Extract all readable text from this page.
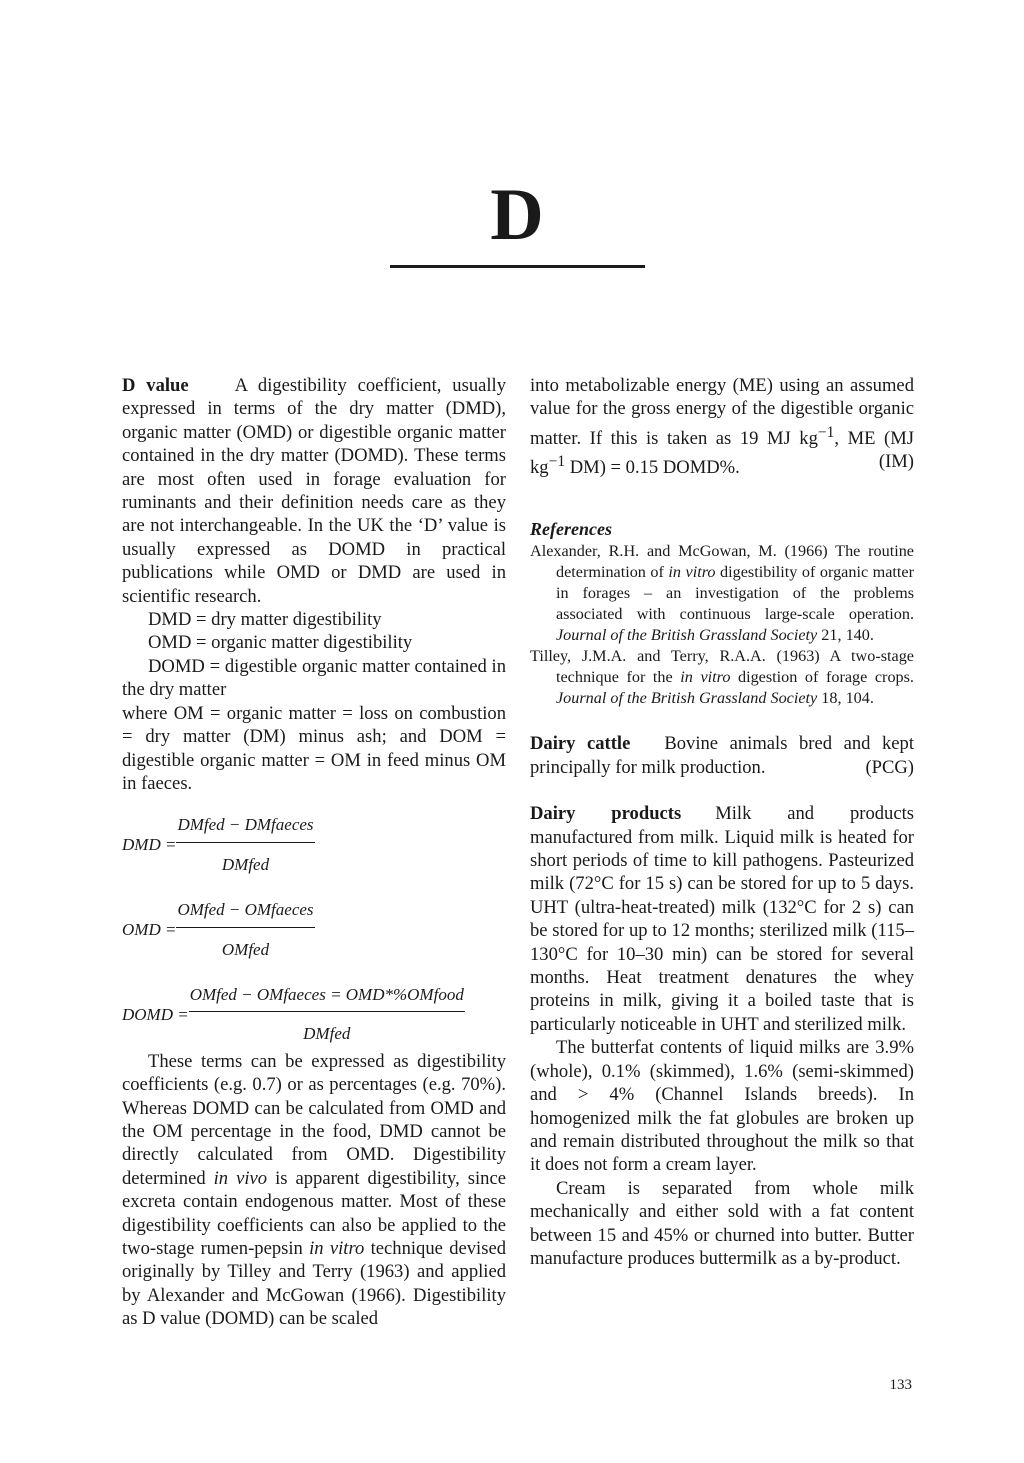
D

D value A digestibility coefficient, usually expressed in terms of the dry matter (DMD), organic matter (OMD) or digestible organic matter contained in the dry matter (DOMD). These terms are most often used in forage evaluation for ruminants and their definition needs care as they are not interchangeable. In the UK the ‘D’ value is usually expressed as DOMD in practical publications while OMD or DMD are used in scientific research.

DMD = dry matter digestibility

OMD = organic matter digestibility

DOMD = digestible organic matter contained in the dry matter

where OM = organic matter = loss on combustion = dry matter (DM) minus ash; and DOM = digestible organic matter = OM in feed minus OM in faeces.

DMD = $\frac{\text{DMfed − DMfaeces}}{\text{DMfed}}$
OMD = $\frac{\text{OMfed − OMfaeces}}{\text{OMfed}}$
DOMD = $\frac{\text{OMfed − OMfaeces = OMD*\%OMfood}}{\text{DMfed}}$

These terms can be expressed as digestibility coefficients (e.g. 0.7) or as percentages (e.g. 70%). Whereas DOMD can be calculated from OMD and the OM percentage in the food, DMD cannot be directly calculated from OMD. Digestibility determined in vivo is apparent digestibility, since excreta contain endogenous matter. Most of these digestibility coefficients can also be applied to the two-stage rumen-pepsin in vitro technique devised originally by Tilley and Terry (1963) and applied by Alexander and McGowan (1966). Digestibility as D value (DOMD) can be scaled

into metabolizable energy (ME) using an assumed value for the gross energy of the digestible organic matter. If this is taken as 19 MJ $kg^{-1}$, ME (MJ $kg^{-1}$ DM) = 0.15 DOMD%.	(IM)

References

Alexander, R.H. and McGowan, M. (1966) The routine determination of in vitro digestibility of organic matter in forages – an investigation of the problems associated with continuous large-scale operation. Journal of the British Grassland Society 21, 140.

Tilley, J.M.A. and Terry, R.A.A. (1963) A two-stage technique for the in vitro digestion of forage crops. Journal of the British Grassland Society 18, 104.

Dairy cattle Bovine animals bred and kept principally for milk production.	(PCG)

Dairy products Milk and products manufactured from milk. Liquid milk is heated for short periods of time to kill pathogens. Pasteurized milk (72°C for 15 s) can be stored for up to 5 days. UHT (ultra-heat-treated) milk (132°C for 2 s) can be stored for up to 12 months; sterilized milk (115–130°C for 10–30 min) can be stored for several months. Heat treatment denatures the whey proteins in milk, giving it a boiled taste that is particularly noticeable in UHT and sterilized milk.

The butterfat contents of liquid milks are 3.9% (whole), 0.1% (skimmed), 1.6% (semi-skimmed) and > 4% (Channel Islands breeds). In homogenized milk the fat globules are broken up and remain distributed throughout the milk so that it does not form a cream layer.

Cream is separated from whole milk mechanically and either sold with a fat content between 15 and 45% or churned into butter. Butter manufacture produces buttermilk as a by-product.

133
